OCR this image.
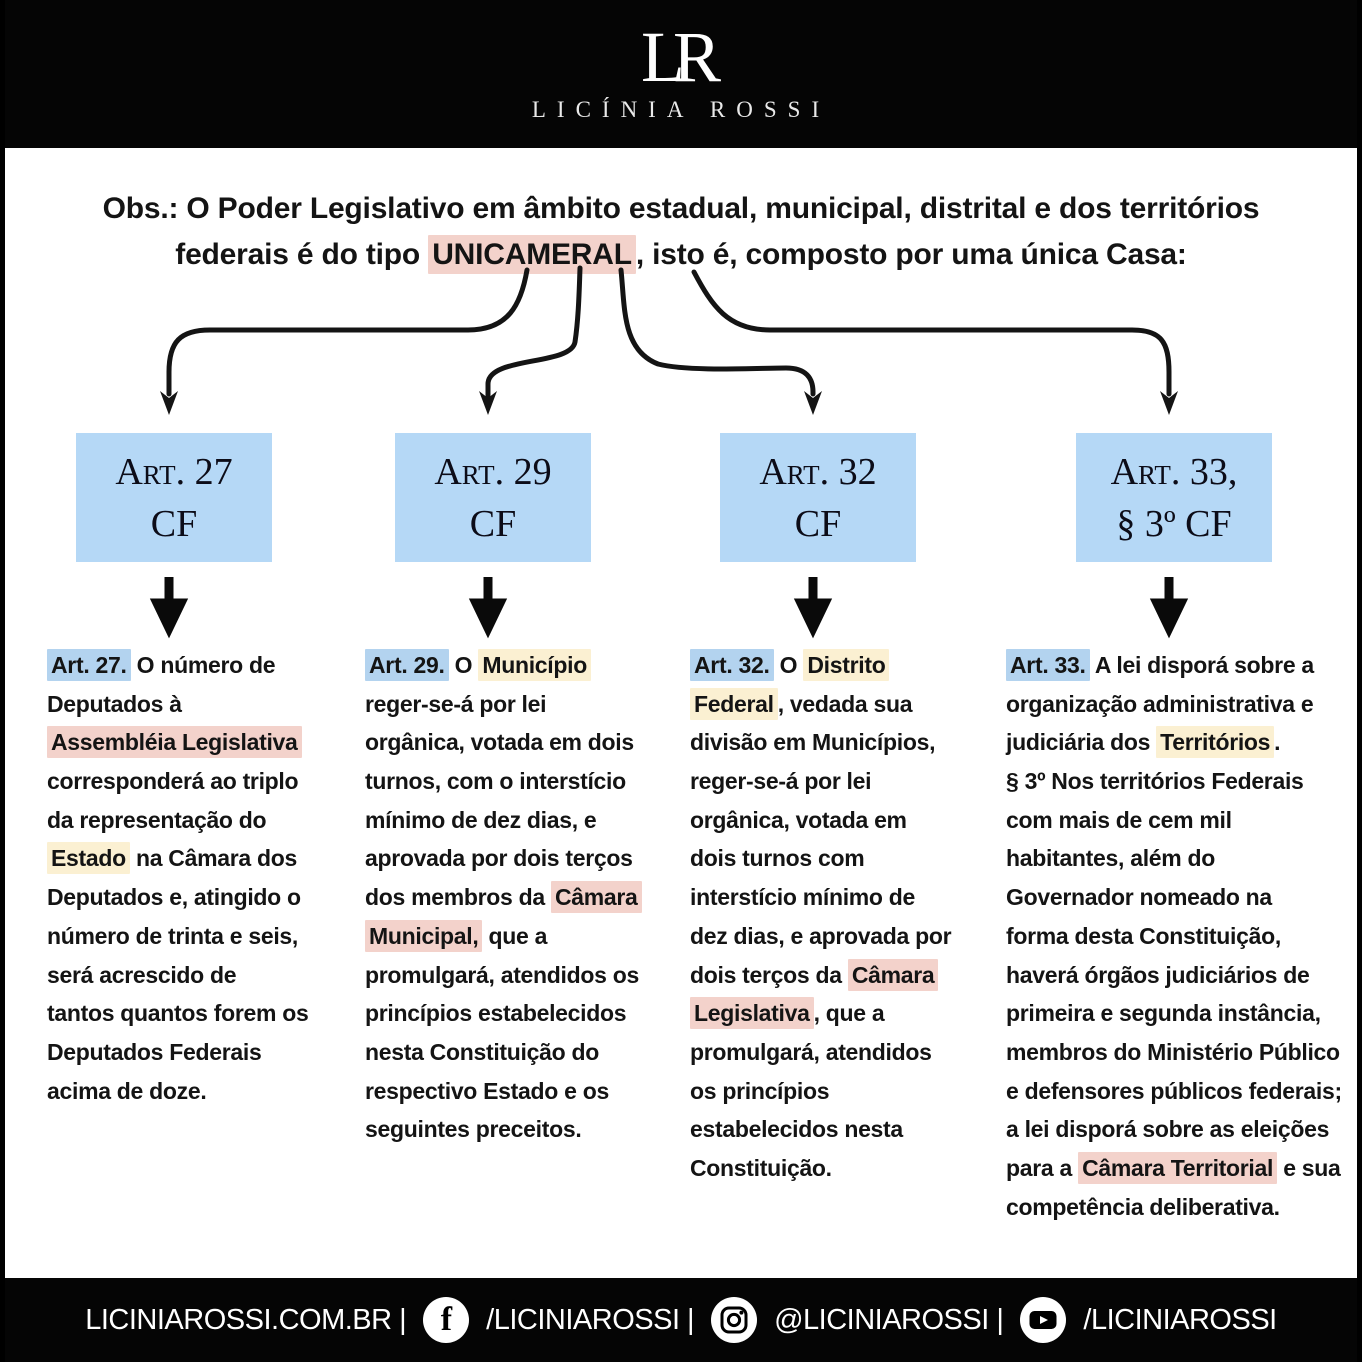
LR
LICÍNIA ROSSI
Obs.: O Poder Legislativo em âmbito estadual, municipal, distrital e dos territórios
federais é do tipo UNICAMERAL , isto é, composto por uma única Casa:
Art. 27
CF
Art. 29
CF
Art. 32
CF
Art. 33,
§ 3º CF
Art. 27. O número de
Deputados à
Assembléia Legislativa
corresponderá ao triplo
da representação do
Estado na Câmara dos
Deputados e, atingido o
número de trinta e seis,
será acrescido de
tantos quantos forem os
Deputados Federais
acima de doze.
Art. 29. O Município
reger-se-á por lei
orgânica, votada em dois
turnos, com o interstício
mínimo de dez dias, e
aprovada por dois terços
dos membros da Câmara
Municipal, que a
promulgará, atendidos os
princípios estabelecidos
nesta Constituição do
respectivo Estado e os
seguintes preceitos.
Art. 32. O Distrito
Federal , vedada sua
divisão em Municípios,
reger-se-á por lei
orgânica, votada em
dois turnos com
interstício mínimo de
dez dias, e aprovada por
dois terços da Câmara
Legislativa , que a
promulgará, atendidos
os princípios
estabelecidos nesta
Constituição.
Art. 33. A lei disporá sobre a
organização administrativa e
judiciária dos Territórios .
§ 3º Nos territórios Federais
com mais de cem mil
habitantes, além do
Governador nomeado na
forma desta Constituição,
haverá órgãos judiciários de
primeira e segunda instância,
membros do Ministério Público
e defensores públicos federais;
a lei disporá sobre as eleições
para a Câmara Territorial e sua
competência deliberativa.
LICINIAROSSI.COM.BR | f /LICINIAROSSI |	@LICINIAROSSI |	/LICINIAROSSI
